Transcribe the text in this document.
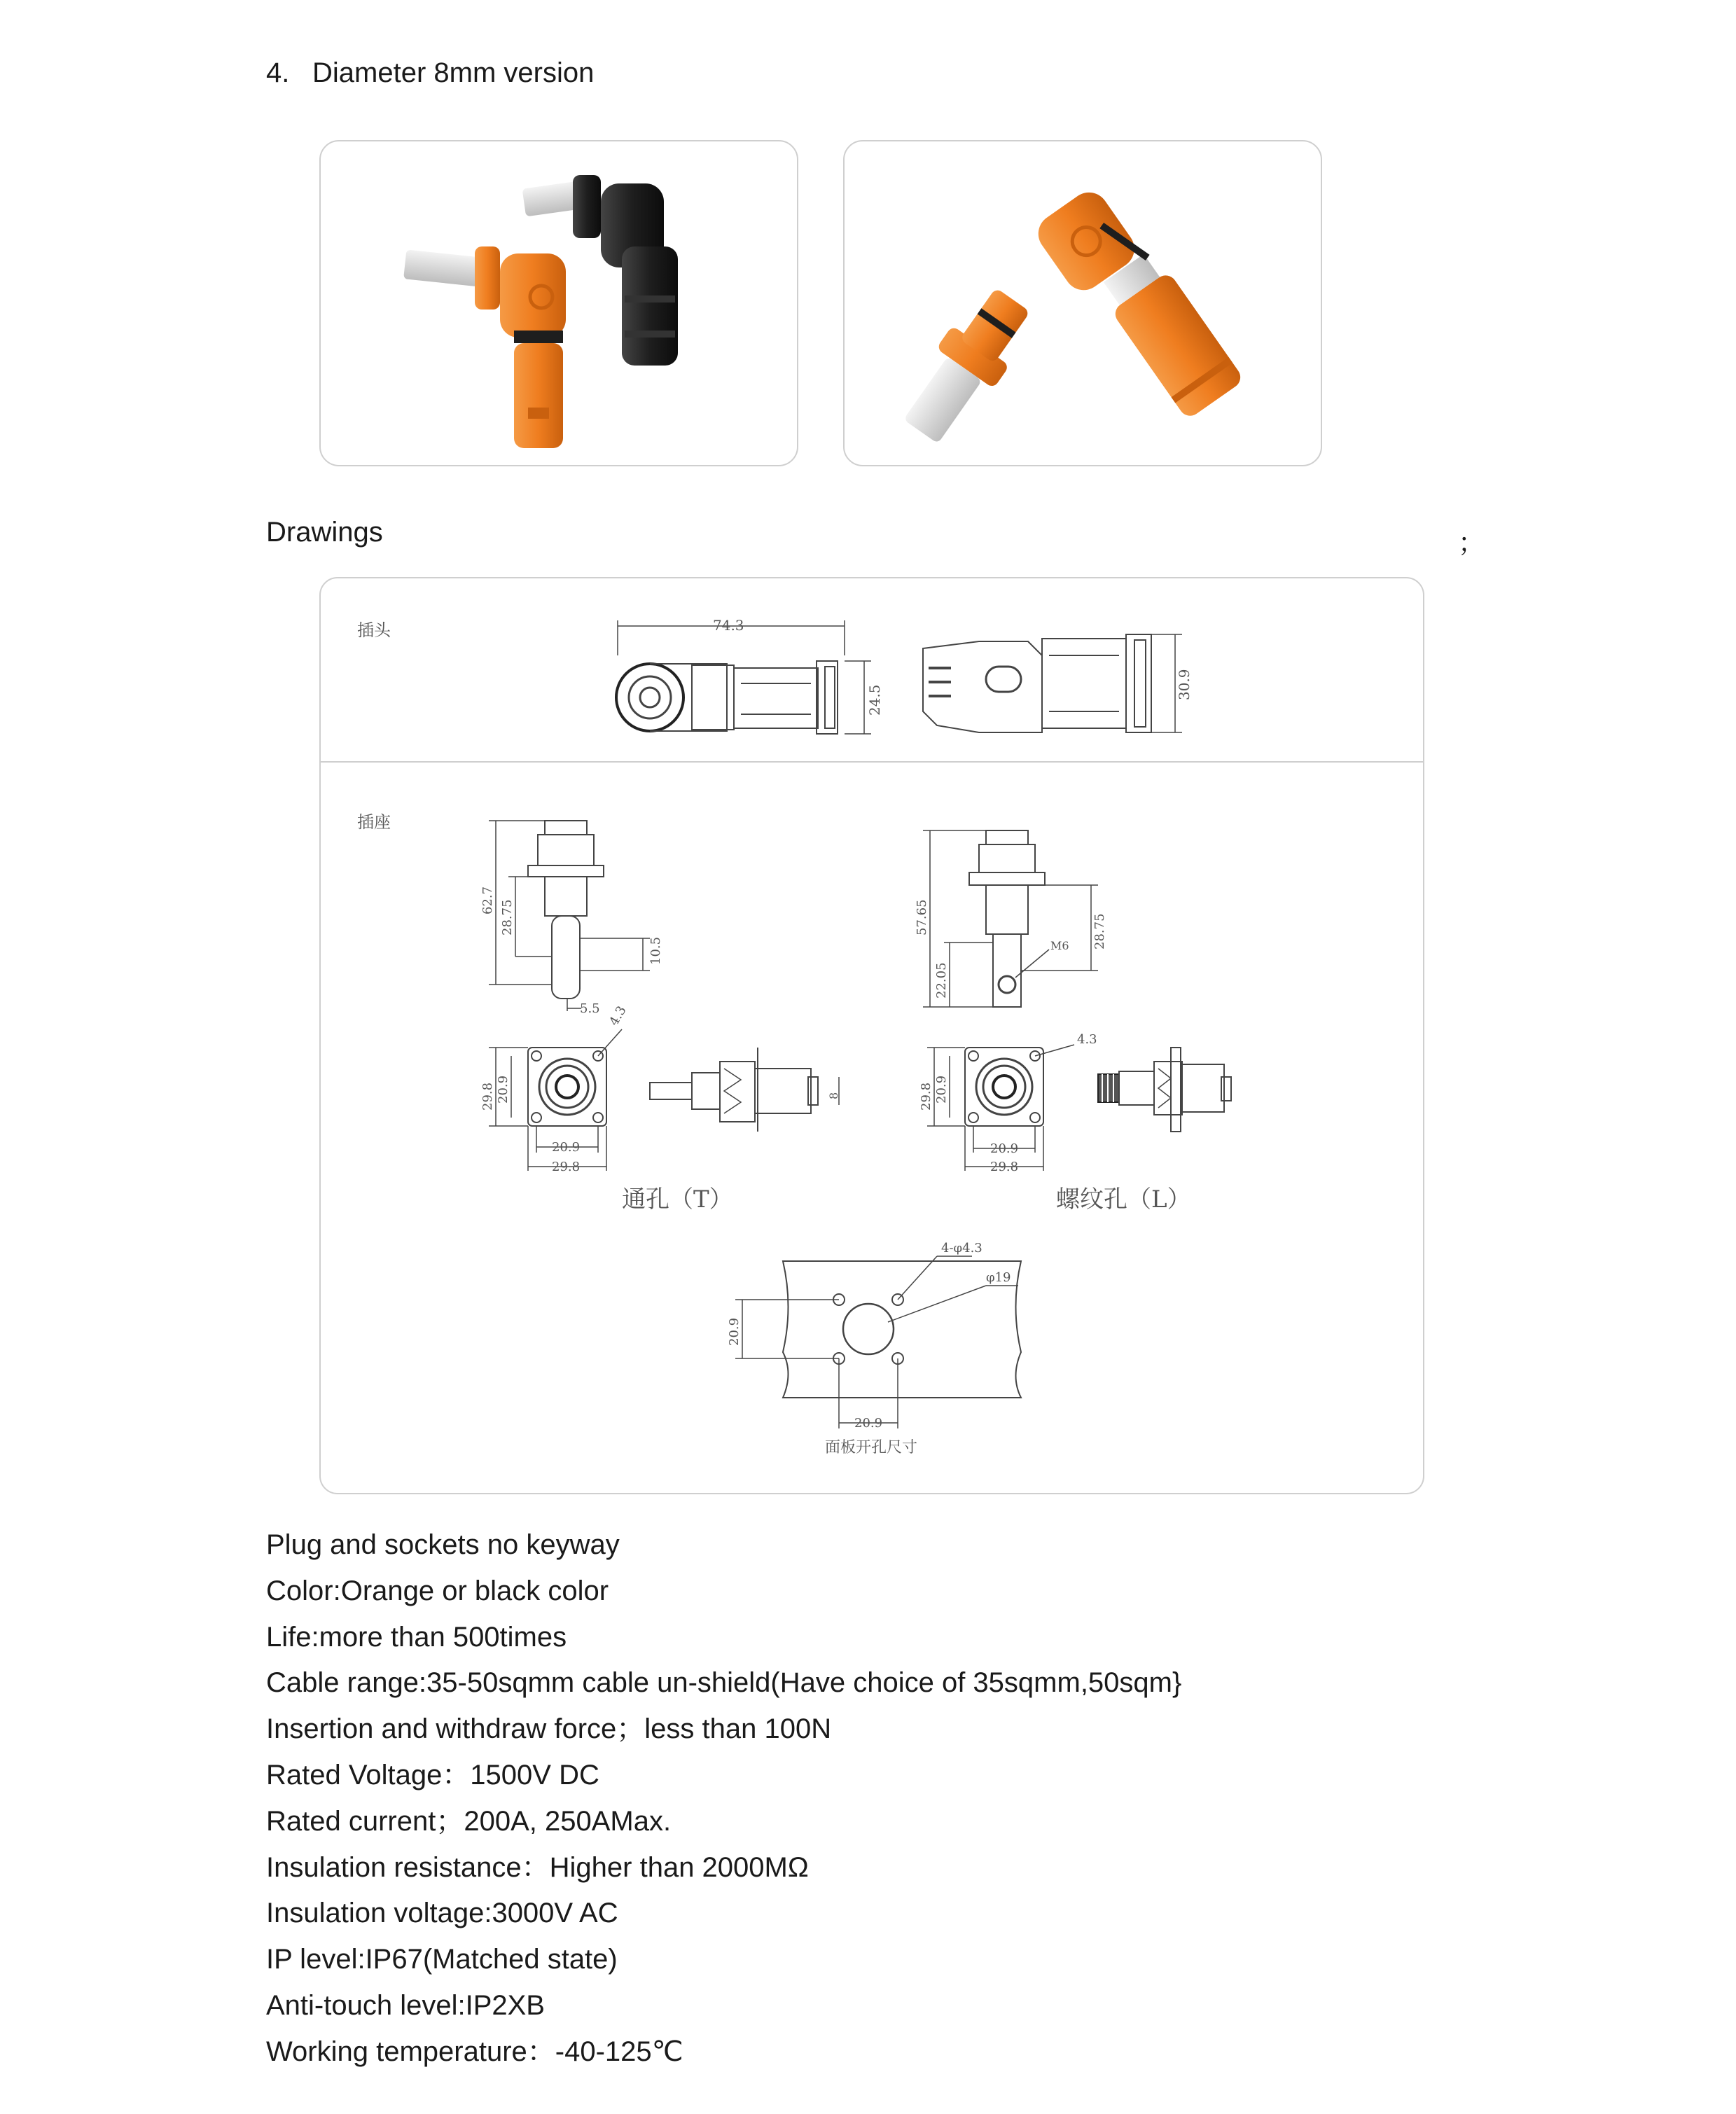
4. Diameter 8mm version
Drawings	；
插头
插座
74.3
24.5	30.9
62.7 28.75
10.5
5.5 4.3
29.8 20.9
20.9
29.8
8
通孔（T）
57.65
22.05
M6 28.75
4.3
29.8 20.9
20.9
29.8
螺纹孔（L）
4-φ4.3
φ19
20.9
20.9
面板开孔尺寸
Plug and sockets no keyway
Color:Orange or black color
Life:more than 500times
Cable range:35-50sqmm cable un-shield(Have choice of 35sqmm,50sqm}
Insertion and withdraw force；less than 100N
Rated Voltage：1500V DC
Rated current；200A, 250AMax.
Insulation resistance：Higher than 2000MΩ
Insulation voltage:3000V AC
IP level:IP67(Matched state)
Anti-touch level:IP2XB
Working temperature：-40-125℃
